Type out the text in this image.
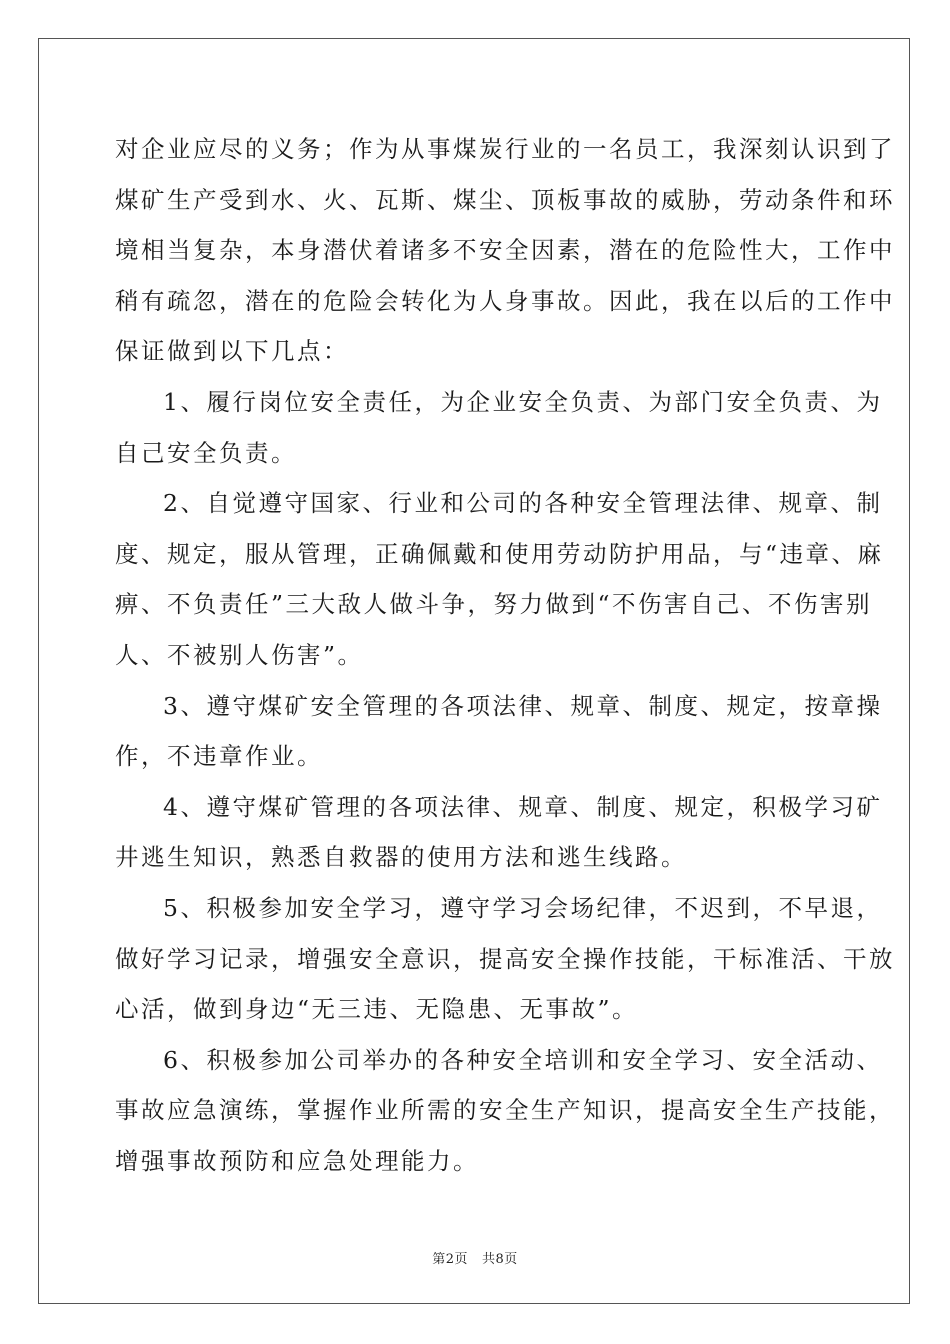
对企业应尽的义务；作为从事煤炭行业的一名员工，我深刻认识到了
煤矿生产受到水、火、瓦斯、煤尘、顶板事故的威胁，劳动条件和环
境相当复杂，本身潜伏着诸多不安全因素，潜在的危险性大，工作中
稍有疏忽，潜在的危险会转化为人身事故。因此，我在以后的工作中
保证做到以下几点：
1、履行岗位安全责任，为企业安全负责、为部门安全负责、为
自己安全负责。
2、自觉遵守国家、行业和公司的各种安全管理法律、规章、制
度、规定，服从管理，正确佩戴和使用劳动防护用品，与“违章、麻
痹、不负责任”三大敌人做斗争，努力做到“不伤害自己、不伤害别
人、不被别人伤害”。
3、遵守煤矿安全管理的各项法律、规章、制度、规定，按章操
作，不违章作业。
4、遵守煤矿管理的各项法律、规章、制度、规定，积极学习矿
井逃生知识，熟悉自救器的使用方法和逃生线路。
5、积极参加安全学习，遵守学习会场纪律，不迟到，不早退，
做好学习记录，增强安全意识，提高安全操作技能，干标准活、干放
心活，做到身边“无三违、无隐患、无事故”。
6、积极参加公司举办的各种安全培训和安全学习、安全活动、
事故应急演练，掌握作业所需的安全生产知识，提高安全生产技能，
增强事故预防和应急处理能力。
第2页 共8页
